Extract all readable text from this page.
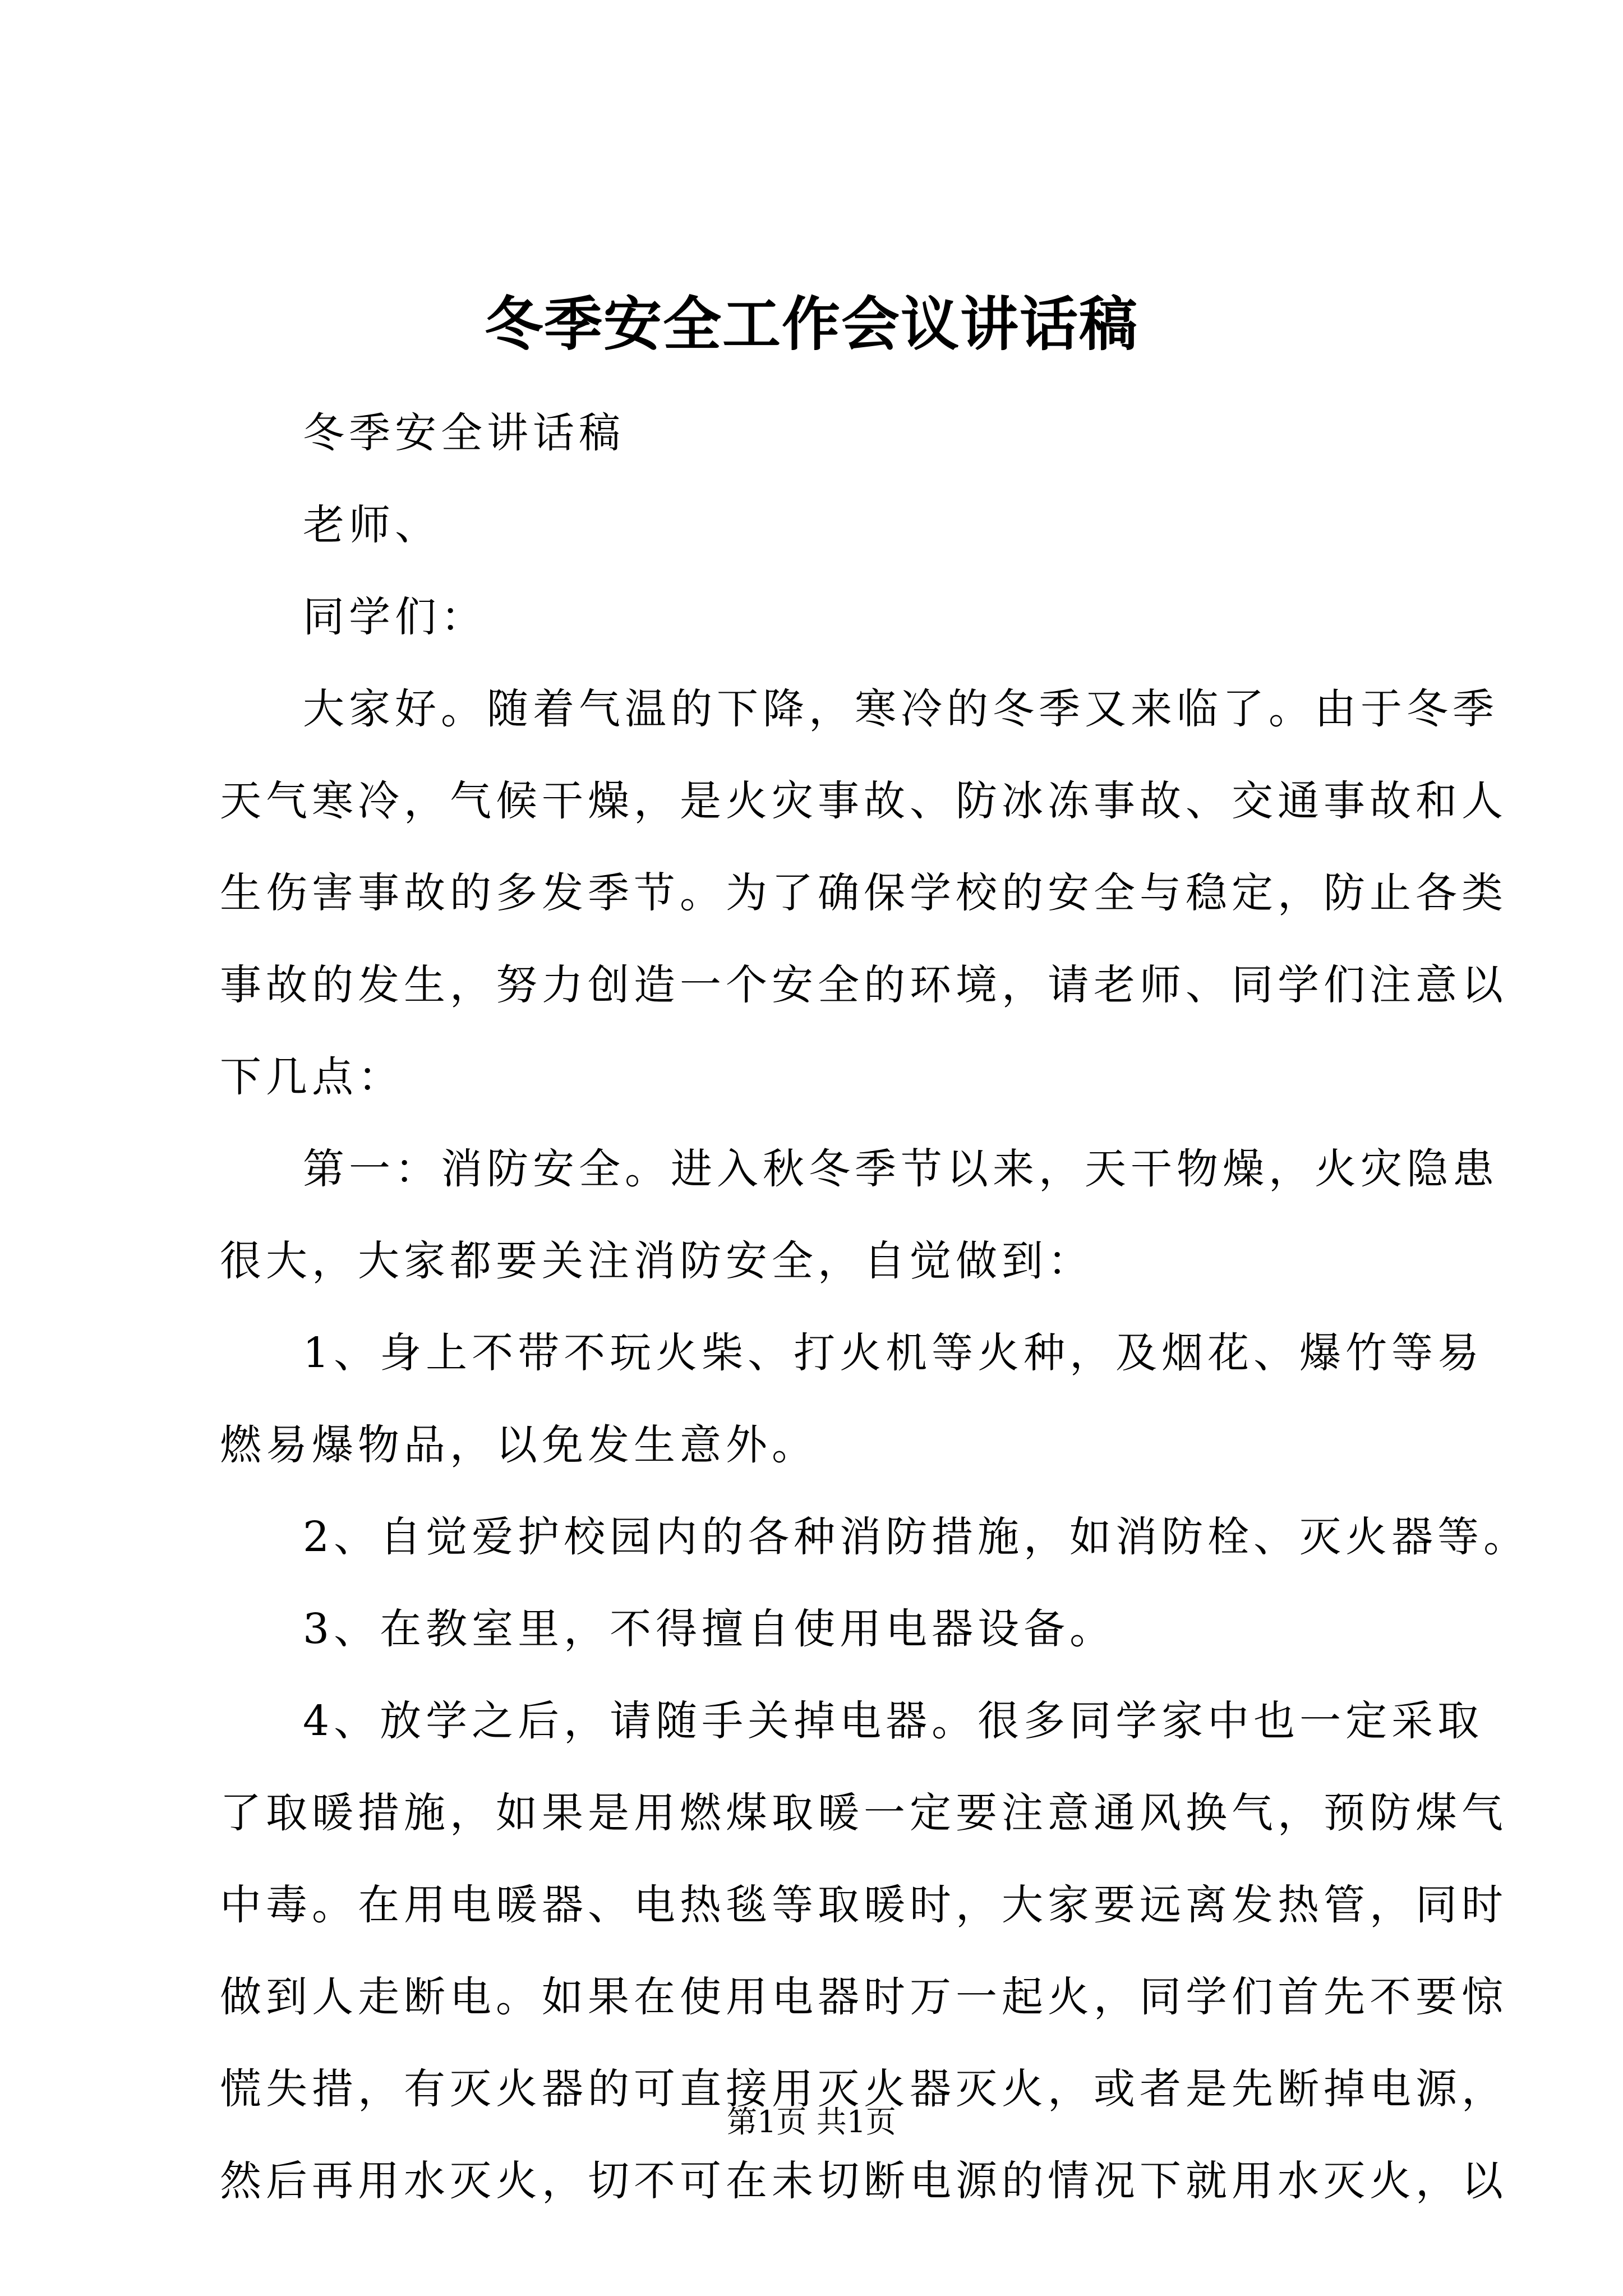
冬季安全工作会议讲话稿
冬季安全讲话稿
老师、
同学们：
大家好。随着气温的下降，寒冷的冬季又来临了。由于冬季
天气寒冷，气候干燥，是火灾事故、防冰冻事故、交通事故和人
生伤害事故的多发季节。为了确保学校的安全与稳定，防止各类
事故的发生，努力创造一个安全的环境，请老师、同学们注意以
下几点：
第一：消防安全。进入秋冬季节以来，天干物燥，火灾隐患
很大，大家都要关注消防安全，自觉做到：
1、身上不带不玩火柴、打火机等火种，及烟花、爆竹等易
燃易爆物品，以免发生意外。
2、自觉爱护校园内的各种消防措施，如消防栓、灭火器等。
3、在教室里，不得擅自使用电器设备。
4、放学之后，请随手关掉电器。很多同学家中也一定采取
了取暖措施，如果是用燃煤取暖一定要注意通风换气，预防煤气
中毒。在用电暖器、电热毯等取暖时，大家要远离发热管，同时
做到人走断电。如果在使用电器时万一起火，同学们首先不要惊
慌失措，有灭火器的可直接用灭火器灭火，或者是先断掉电源，
然后再用水灭火，切不可在未切断电源的情况下就用水灭火，以
第1页 共1页
